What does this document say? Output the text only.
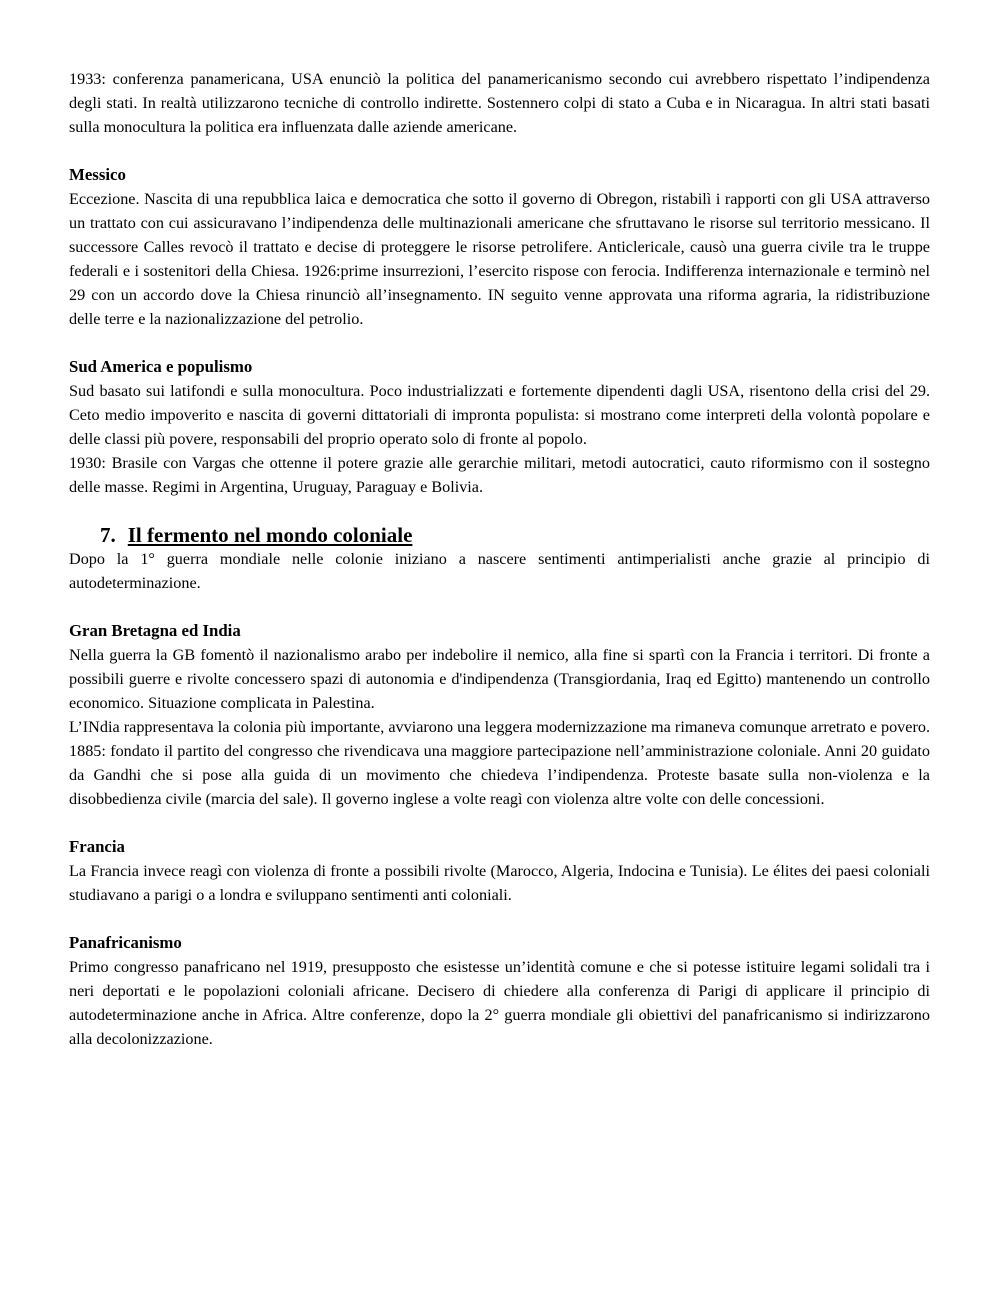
1933: conferenza panamericana, USA enunciò la politica del panamericanismo secondo cui avrebbero rispettato l’indipendenza degli stati. In realtà utilizzarono tecniche di controllo indirette. Sostennero colpi di stato a Cuba e in Nicaragua. In altri stati basati sulla monocultura la politica era influenzata dalle aziende americane.

Messico

Eccezione. Nascita di una repubblica laica e democratica che sotto il governo di Obregon, ristabilì i rapporti con gli USA attraverso un trattato con cui assicuravano l’indipendenza delle multinazionali americane che sfruttavano le risorse sul territorio messicano. Il successore Calles revocò il trattato e decise di proteggere le risorse petrolifere. Anticlericale, causò una guerra civile tra le truppe federali e i sostenitori della Chiesa. 1926:prime insurrezioni, l’esercito rispose con ferocia. Indifferenza internazionale e terminò nel 29 con un accordo dove la Chiesa rinunciò all’insegnamento. IN seguito venne approvata una riforma agraria, la ridistribuzione delle terre e la nazionalizzazione del petrolio.

Sud America e populismo

Sud basato sui latifondi e sulla monocultura. Poco industrializzati e fortemente dipendenti dagli USA, risentono della crisi del 29. Ceto medio impoverito e nascita di governi dittatoriali di impronta populista: si mostrano come interpreti della volontà popolare e delle classi più povere, responsabili del proprio operato solo di fronte al popolo.

1930: Brasile con Vargas che ottenne il potere grazie alle gerarchie militari, metodi autocratici, cauto riformismo con il sostegno delle masse. Regimi in Argentina, Uruguay, Paraguay e Bolivia.

7. Il fermento nel mondo coloniale

Dopo la 1° guerra mondiale nelle colonie iniziano a nascere sentimenti antimperialisti anche grazie al principio di autodeterminazione.

Gran Bretagna ed India

Nella guerra la GB fomentò il nazionalismo arabo per indebolire il nemico, alla fine si spartì con la Francia i territori. Di fronte a possibili guerre e rivolte concessero spazi di autonomia e d'indipendenza (Transgiordania, Iraq ed Egitto) mantenendo un controllo economico. Situazione complicata in Palestina.

L’INdia rappresentava la colonia più importante, avviarono una leggera modernizzazione ma rimaneva comunque arretrato e povero. 1885: fondato il partito del congresso che rivendicava una maggiore partecipazione nell’amministrazione coloniale. Anni 20 guidato da Gandhi che si pose alla guida di un movimento che chiedeva l’indipendenza. Proteste basate sulla non-violenza e la disobbedienza civile (marcia del sale). Il governo inglese a volte reagì con violenza altre volte con delle concessioni.

Francia

La Francia invece reagì con violenza di fronte a possibili rivolte (Marocco, Algeria, Indocina e Tunisia). Le élites dei paesi coloniali studiavano a parigi o a londra e sviluppano sentimenti anti coloniali.

Panafricanismo

Primo congresso panafricano nel 1919, presupposto che esistesse un’identità comune e che si potesse istituire legami solidali tra i neri deportati e le popolazioni coloniali africane. Decisero di chiedere alla conferenza di Parigi di applicare il principio di autodeterminazione anche in Africa. Altre conferenze, dopo la 2° guerra mondiale gli obiettivi del panafricanismo si indirizzarono alla decolonizzazione.
